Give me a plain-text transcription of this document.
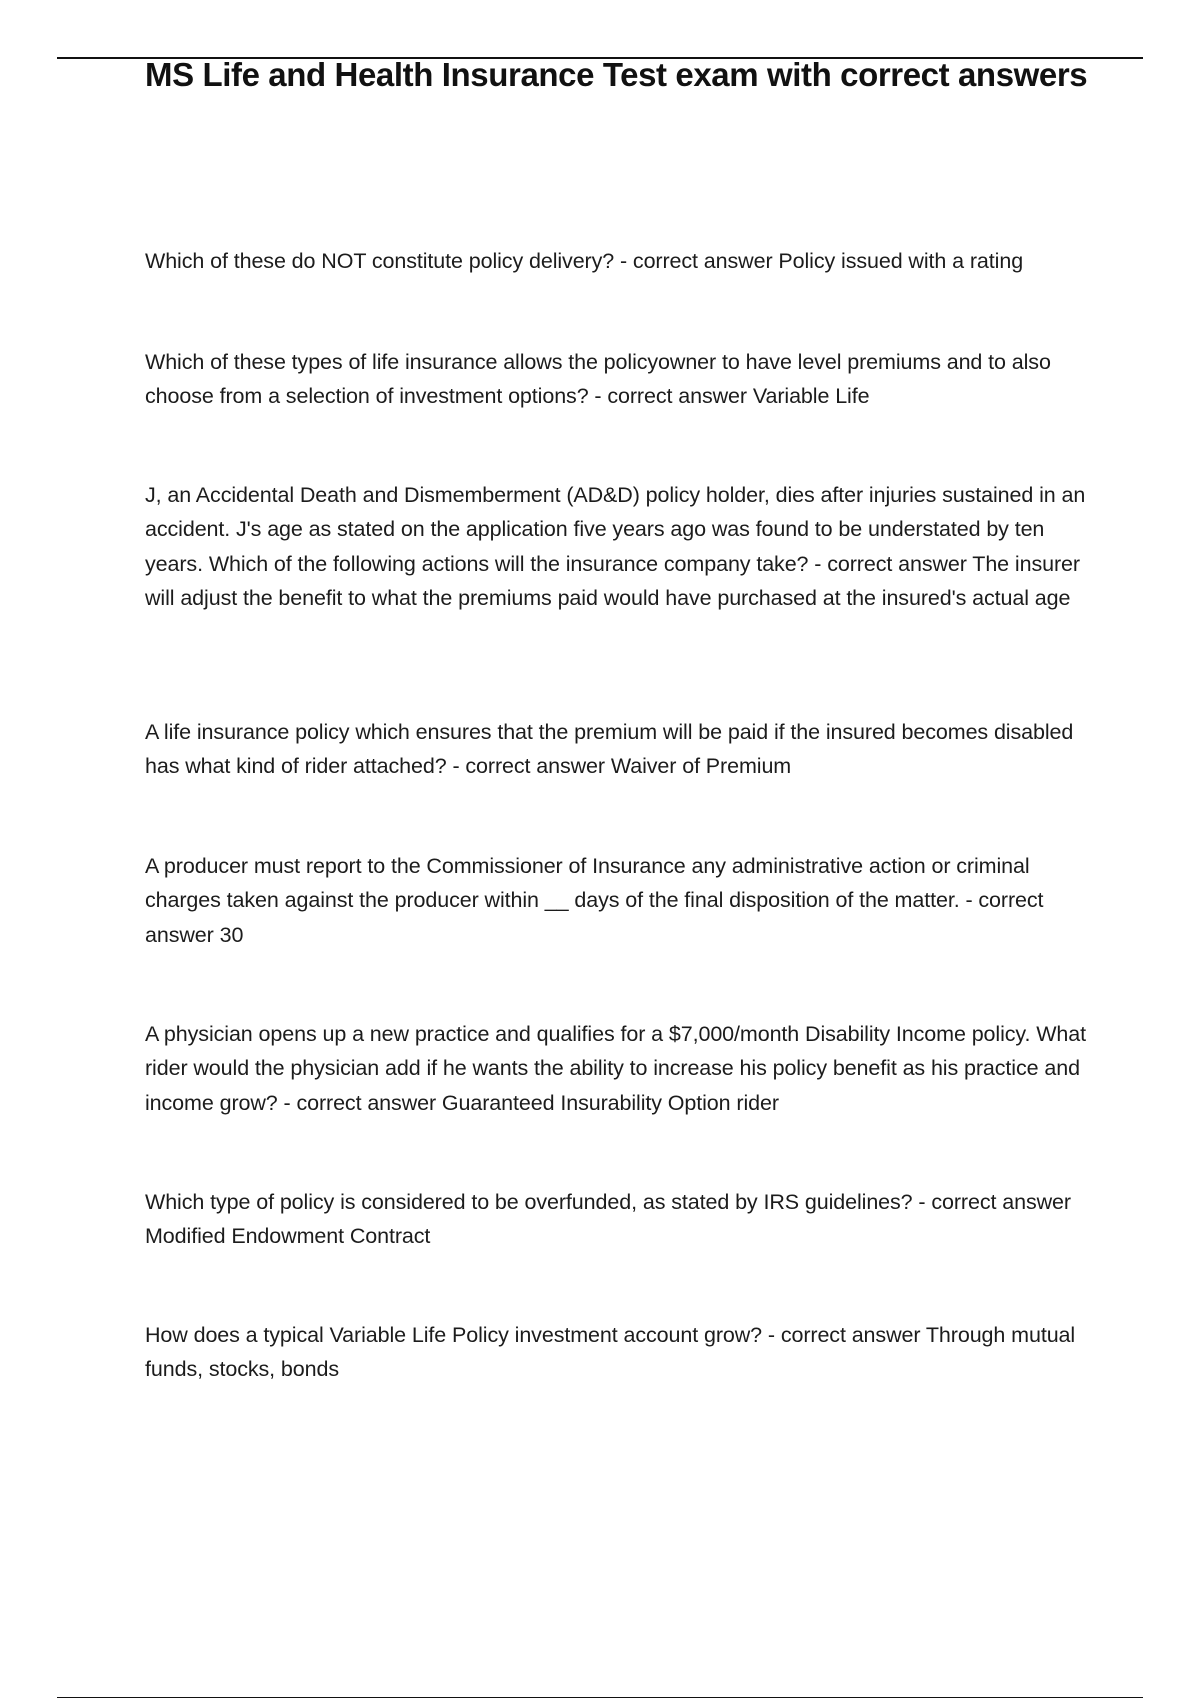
MS Life and Health Insurance Test exam with correct answers

Which of these do NOT constitute policy delivery? - correct answer Policy issued with a rating

Which of these types of life insurance allows the policyowner to have level premiums and to also choose from a selection of investment options? - correct answer Variable Life

J, an Accidental Death and Dismemberment (AD&D) policy holder, dies after injuries sustained in an accident. J's age as stated on the application five years ago was found to be understated by ten years. Which of the following actions will the insurance company take? - correct answer The insurer will adjust the benefit to what the premiums paid would have purchased at the insured's actual age

A life insurance policy which ensures that the premium will be paid if the insured becomes disabled has what kind of rider attached? - correct answer Waiver of Premium

A producer must report to the Commissioner of Insurance any administrative action or criminal charges taken against the producer within __ days of the final disposition of the matter. - correct answer 30

A physician opens up a new practice and qualifies for a $7,000/month Disability Income policy. What rider would the physician add if he wants the ability to increase his policy benefit as his practice and income grow? - correct answer Guaranteed Insurability Option rider

Which type of policy is considered to be overfunded, as stated by IRS guidelines? - correct answer Modified Endowment Contract

How does a typical Variable Life Policy investment account grow? - correct answer Through mutual funds, stocks, bonds
